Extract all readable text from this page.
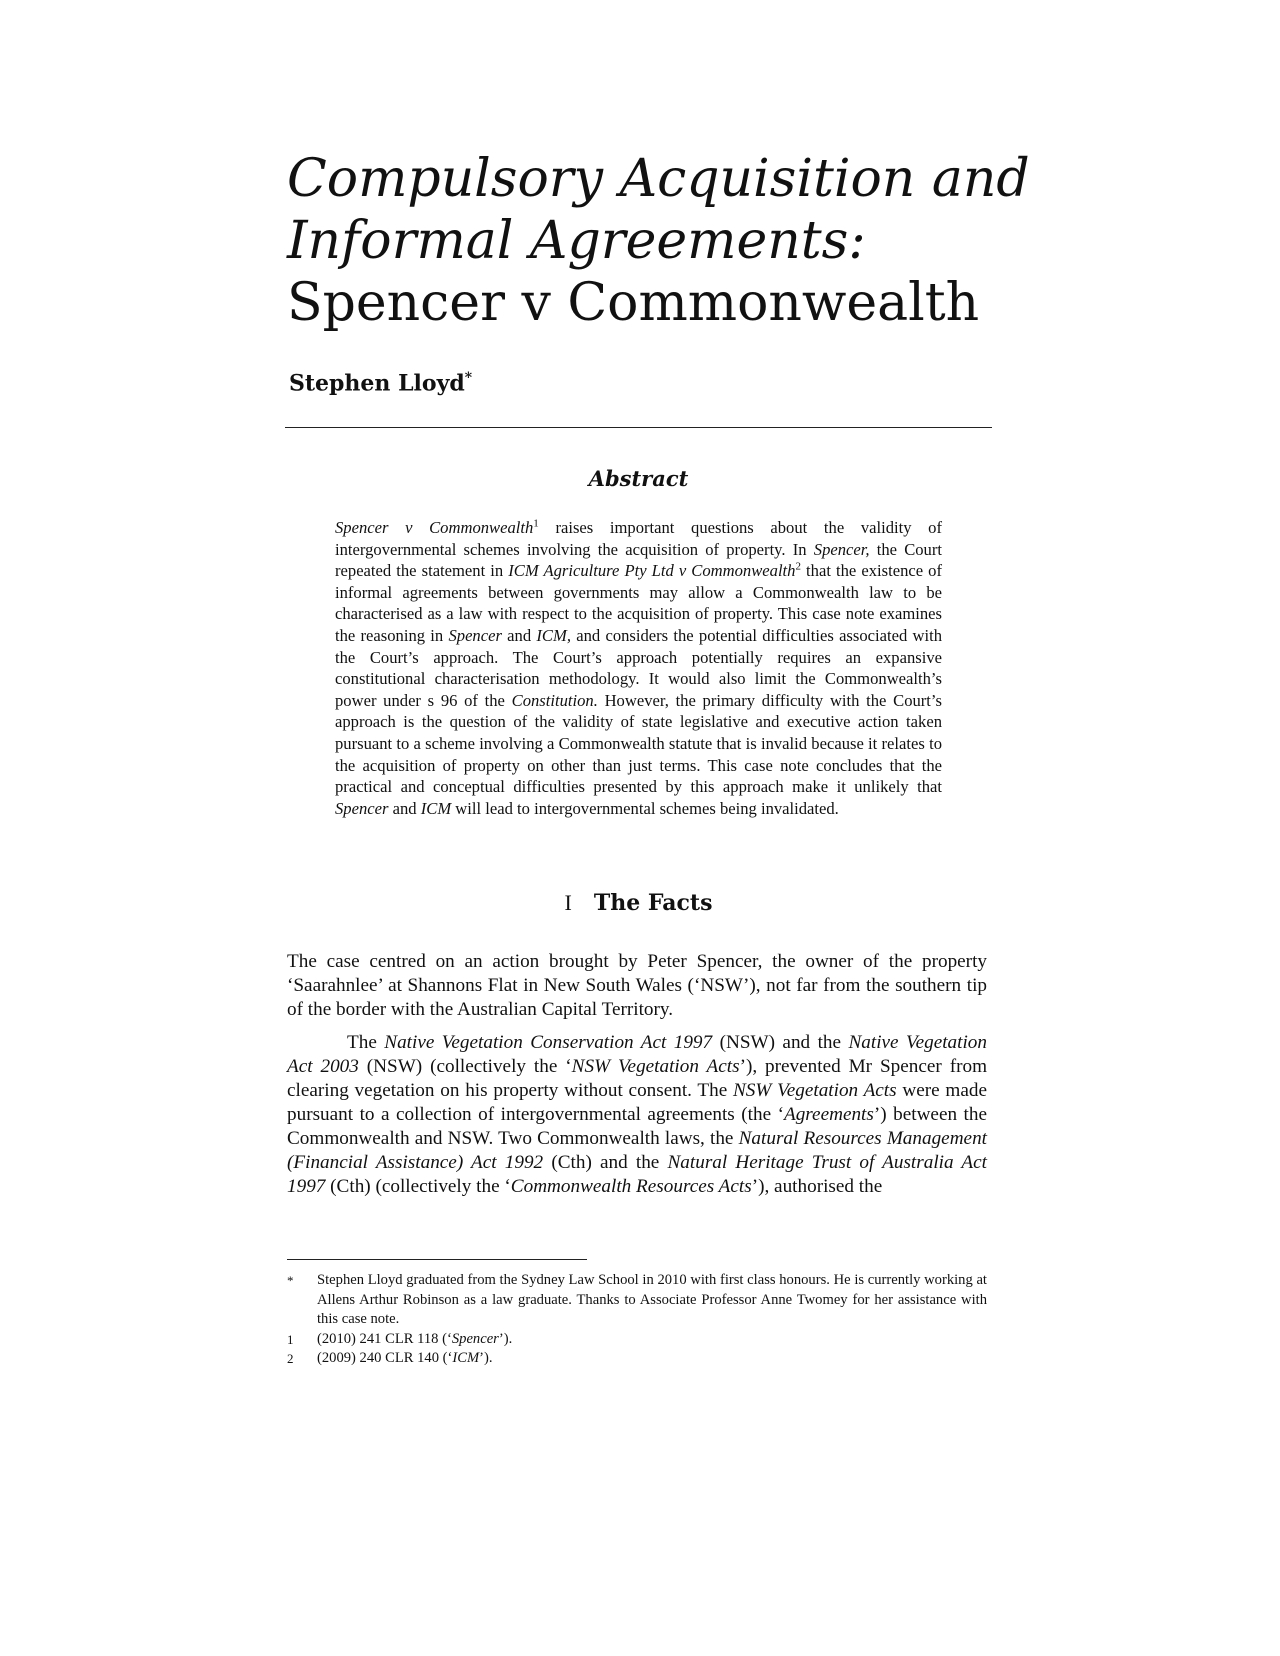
Compulsory Acquisition and

Informal Agreements:

Spencer v Commonwealth

Stephen Lloyd*

Abstract

Spencer v Commonwealth$^1$ raises important questions about the validity of intergovernmental schemes involving the acquisition of property. In Spencer, the Court repeated the statement in ICM Agriculture Pty Ltd v Commonwealth$^2$ that the existence of informal agreements between governments may allow a Commonwealth law to be characterised as a law with respect to the acquisition of property. This case note examines the reasoning in Spencer and ICM, and considers the potential difficulties associated with the Court’s approach. The Court’s approach potentially requires an expansive constitutional characterisation methodology. It would also limit the Commonwealth’s power under s 96 of the Constitution. However, the primary difficulty with the Court’s approach is the question of the validity of state legislative and executive action taken pursuant to a scheme involving a Commonwealth statute that is invalid because it relates to the acquisition of property on other than just terms. This case note concludes that the practical and conceptual difficulties presented by this approach make it unlikely that Spencer and ICM will lead to intergovernmental schemes being invalidated.

I The Facts

The case centred on an action brought by Peter Spencer, the owner of the property ‘Saarahnlee’ at Shannons Flat in New South Wales (‘NSW’), not far from the southern tip of the border with the Australian Capital Territory.

The Native Vegetation Conservation Act 1997 (NSW) and the Native Vegetation Act 2003 (NSW) (collectively the ‘NSW Vegetation Acts’), prevented Mr Spencer from clearing vegetation on his property without consent. The NSW Vegetation Acts were made pursuant to a collection of intergovernmental agreements (the ‘Agreements’) between the Commonwealth and NSW. Two Commonwealth laws, the Natural Resources Management (Financial Assistance) Act 1992 (Cth) and the Natural Heritage Trust of Australia Act 1997 (Cth) (collectively the ‘Commonwealth Resources Acts’), authorised the

*	Stephen Lloyd graduated from the Sydney Law School in 2010 with first class honours. He is currently working at Allens Arthur Robinson as a law graduate. Thanks to Associate Professor Anne Twomey for her assistance with this case note.
1	(2010) 241 CLR 118 (‘Spencer’).
2	(2009) 240 CLR 140 (‘ICM’).
